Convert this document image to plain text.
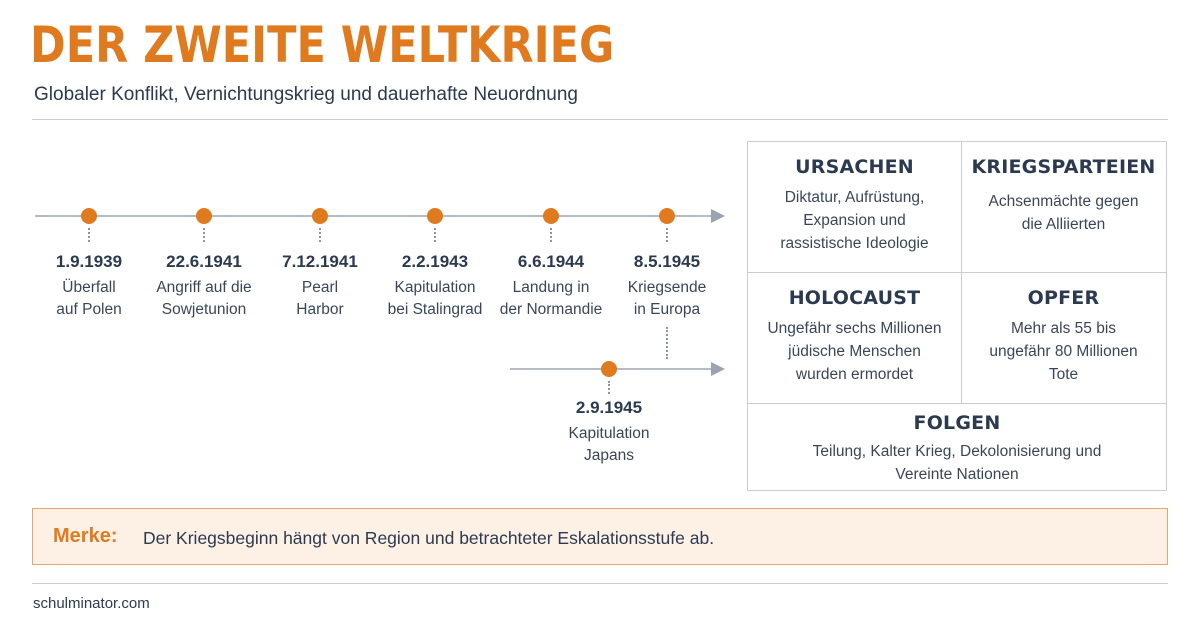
DER ZWEITE WELTKRIEG
Globaler Konflikt, Vernichtungskrieg und dauerhafte Neuordnung
1.9.1939
Überfall
auf Polen
22.6.1941
Angriff auf die
Sowjetunion
7.12.1941
Pearl
Harbor
2.2.1943
Kapitulation
bei Stalingrad
6.6.1944
Landung in
der Normandie
8.5.1945
Kriegsende
in Europa
2.9.1945
Kapitulation
Japans
URSACHEN

Diktatur, Aufrüstung,
Expansion und
rassistische Ideologie

KRIEGSPARTEIEN

Achsenmächte gegen
die Alliierten

HOLOCAUST

Ungefähr sechs Millionen
jüdische Menschen
wurden ermordet

OPFER

Mehr als 55 bis
ungefähr 80 Millionen
Tote

FOLGEN

Teilung, Kalter Krieg, Dekolonisierung und
Vereinte Nationen

Merke: Der Kriegsbeginn hängt von Region und betrachteter Eskalationsstufe ab.
schulminator.com
